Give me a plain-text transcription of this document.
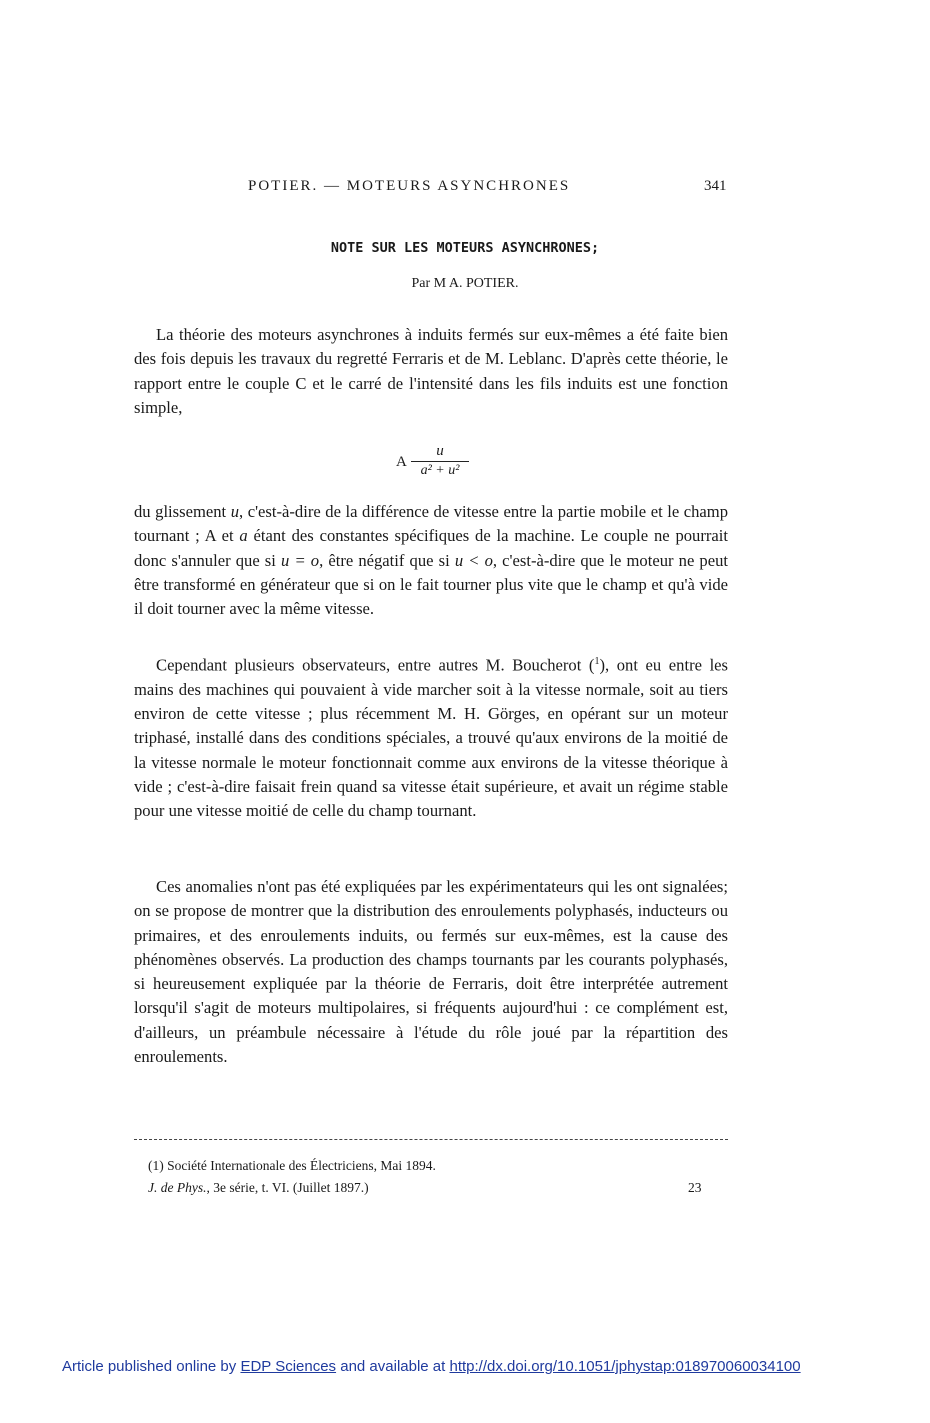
POTIER. — MOTEURS ASYNCHRONES	341
NOTE SUR LES MOTEURS ASYNCHRONES;
Par M A. POTIER.

La théorie des moteurs asynchrones à induits fermés sur eux-mêmes a été faite bien des fois depuis les travaux du regretté Ferraris et de M. Leblanc. D'après cette théorie, le rapport entre le couple C et le carré de l'intensité dans les fils induits est une fonction simple,

A
u
a² + u²

du glissement u, c'est-à-dire de la différence de vitesse entre la partie mobile et le champ tournant ; A et a étant des constantes spécifiques de la machine. Le couple ne pourrait donc s'annuler que si u = o, être négatif que si u < o, c'est-à-dire que le moteur ne peut être transformé en générateur que si on le fait tourner plus vite que le champ et qu'à vide il doit tourner avec la même vitesse.

Cependant plusieurs observateurs, entre autres M. Boucherot ($^1$), ont eu entre les mains des machines qui pouvaient à vide marcher soit à la vitesse normale, soit au tiers environ de cette vitesse ; plus récemment M. H. Görges, en opérant sur un moteur triphasé, installé dans des conditions spéciales, a trouvé qu'aux environs de la moitié de la vitesse normale le moteur fonctionnait comme aux environs de la vitesse théorique à vide ; c'est-à-dire faisait frein quand sa vitesse était supérieure, et avait un régime stable pour une vitesse moitié de celle du champ tournant.

Ces anomalies n'ont pas été expliquées par les expérimentateurs qui les ont signalées; on se propose de montrer que la distribution des enroulements polyphasés, inducteurs ou primaires, et des enroulements induits, ou fermés sur eux-mêmes, est la cause des phénomènes observés. La production des champs tournants par les courants polyphasés, si heureusement expliquée par la théorie de Ferraris, doit être interprétée autrement lorsqu'il s'agit de moteurs multipolaires, si fréquents aujourd'hui : ce complément est, d'ailleurs, un préambule nécessaire à l'étude du rôle joué par la répartition des enroulements.

(1) Société Internationale des Électriciens, Mai 1894.
J. de Phys., 3e série, t. VI. (Juillet 1897.)	23
Article published online by EDP Sciences and available at http://dx.doi.org/10.1051/jphystap:018970060034100
